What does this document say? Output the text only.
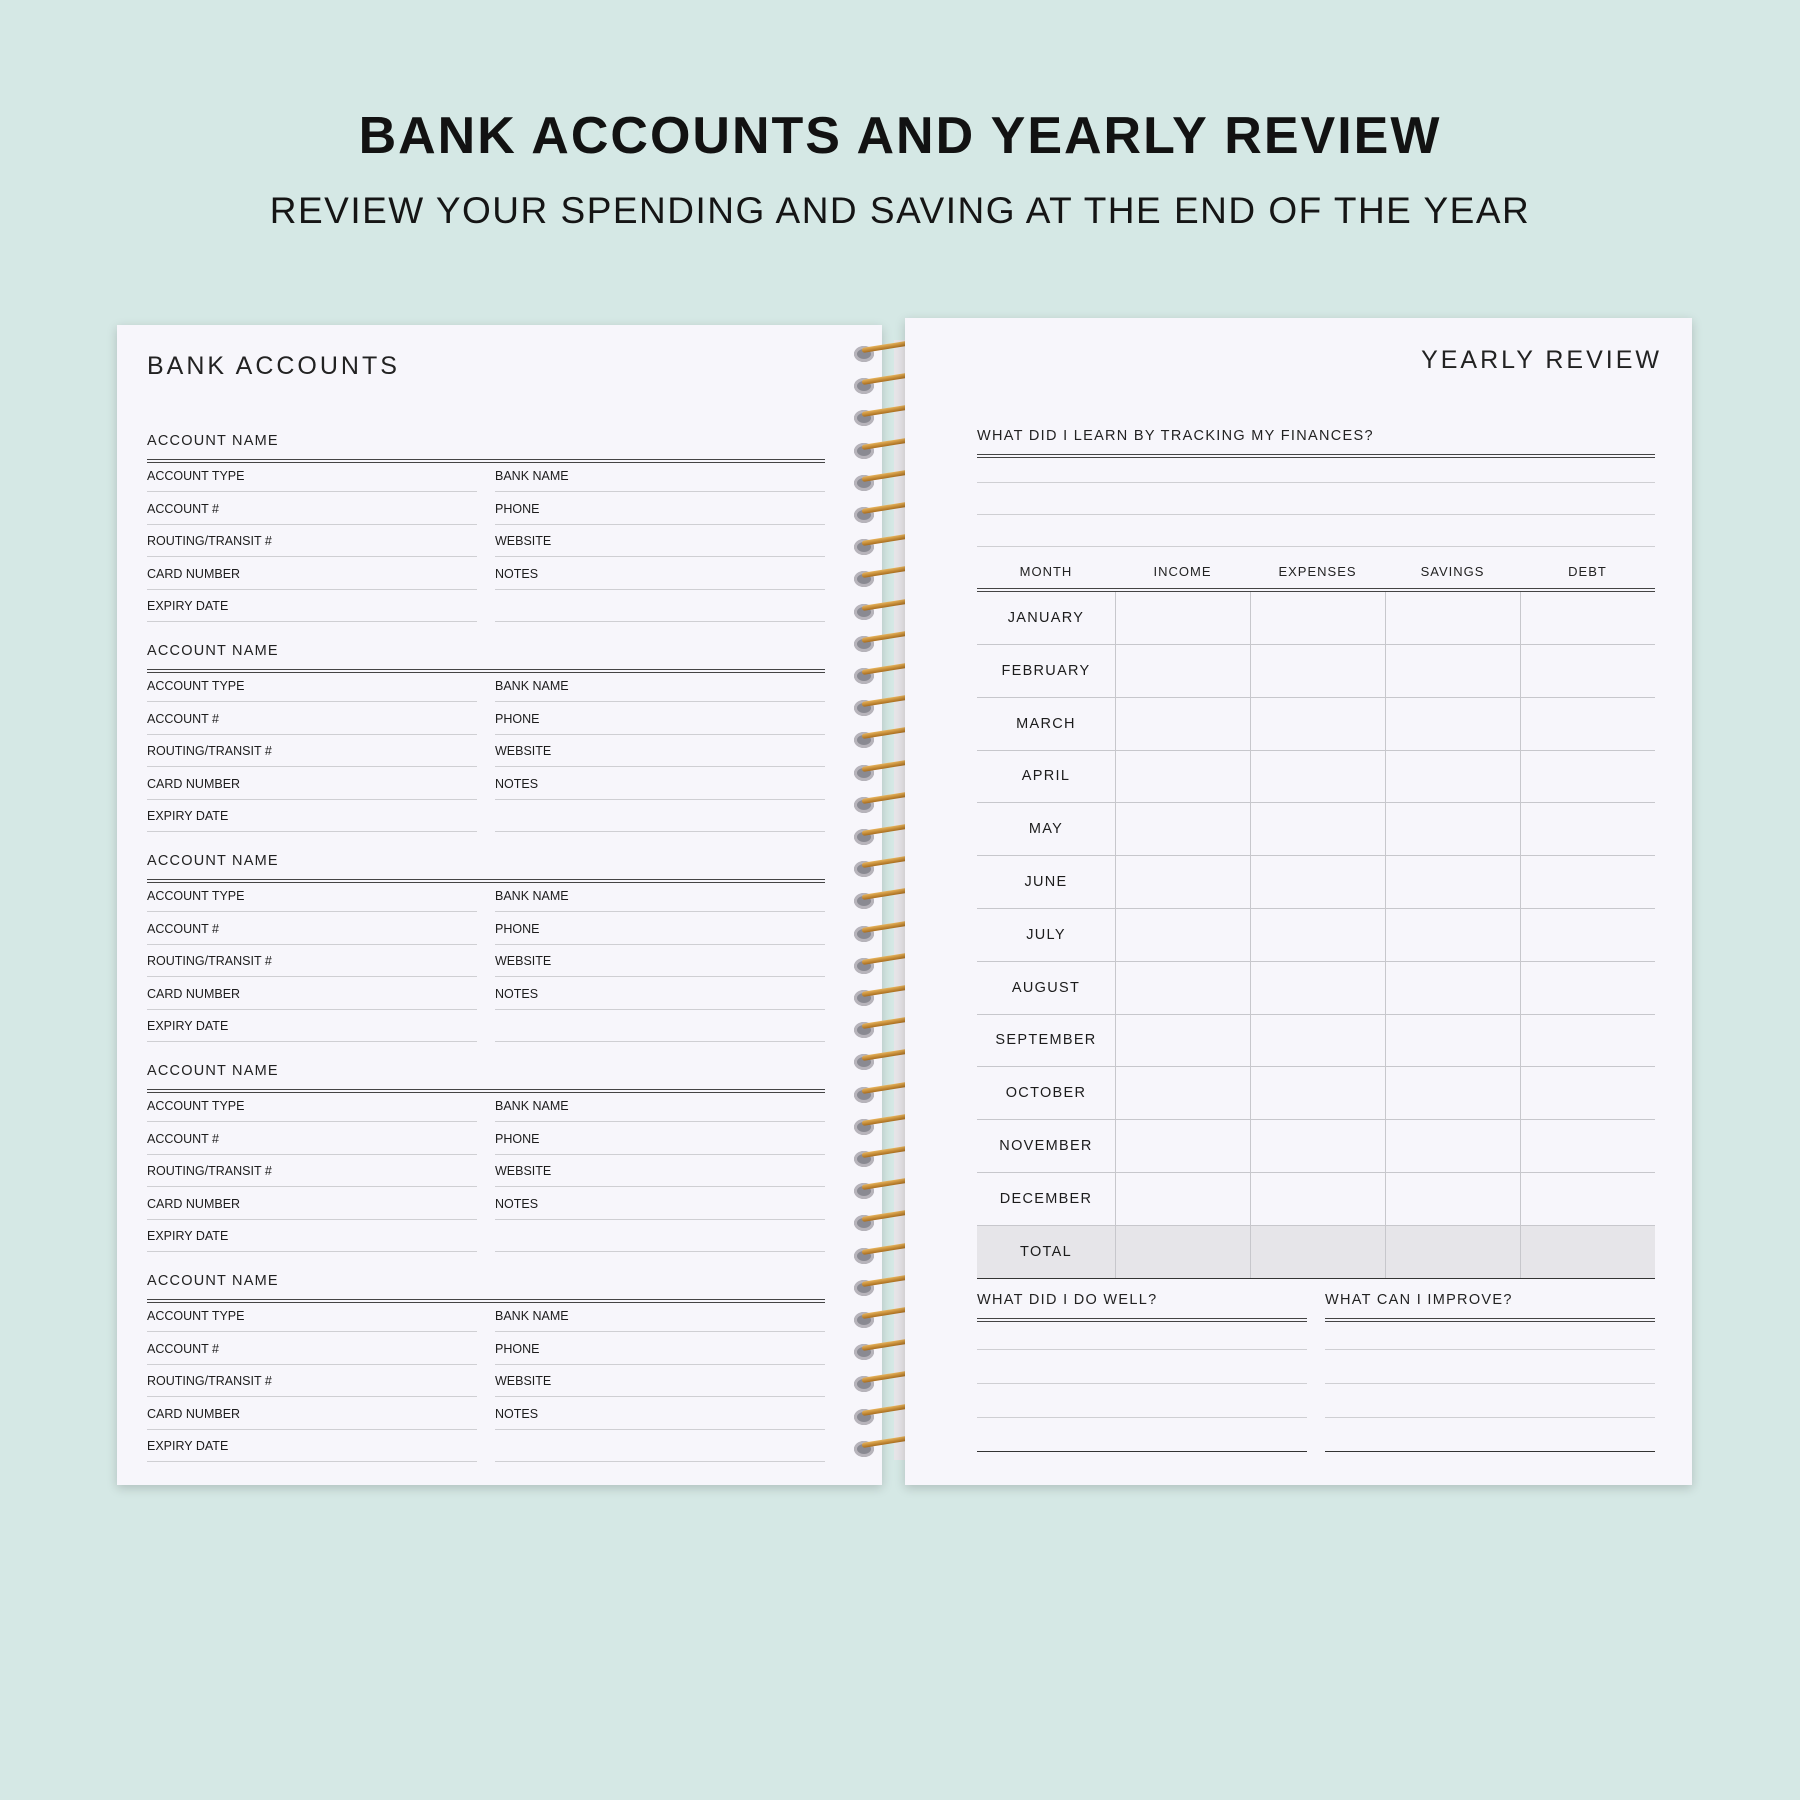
BANK ACCOUNTS AND YEARLY REVIEW
REVIEW YOUR SPENDING AND SAVING AT THE END OF THE YEAR
BANK ACCOUNTS
ACCOUNT NAME
ACCOUNT TYPE	BANK NAME
ACCOUNT #	PHONE
ROUTING/TRANSIT #	WEBSITE
CARD NUMBER	NOTES
EXPIRY DATE
ACCOUNT NAME
ACCOUNT TYPE	BANK NAME
ACCOUNT #	PHONE
ROUTING/TRANSIT #	WEBSITE
CARD NUMBER	NOTES
EXPIRY DATE
ACCOUNT NAME
ACCOUNT TYPE	BANK NAME
ACCOUNT #	PHONE
ROUTING/TRANSIT #	WEBSITE
CARD NUMBER	NOTES
EXPIRY DATE
ACCOUNT NAME
ACCOUNT TYPE	BANK NAME
ACCOUNT #	PHONE
ROUTING/TRANSIT #	WEBSITE
CARD NUMBER	NOTES
EXPIRY DATE
ACCOUNT NAME
ACCOUNT TYPE	BANK NAME
ACCOUNT #	PHONE
ROUTING/TRANSIT #	WEBSITE
CARD NUMBER	NOTES
EXPIRY DATE
YEARLY REVIEW
WHAT DID I LEARN BY TRACKING MY FINANCES?
MONTH	INCOME	EXPENSES	SAVINGS	DEBT
JANUARY
FEBRUARY
MARCH
APRIL
MAY
JUNE
JULY
AUGUST
SEPTEMBER
OCTOBER
NOVEMBER
DECEMBER
TOTAL
WHAT DID I DO WELL?	WHAT CAN I IMPROVE?
